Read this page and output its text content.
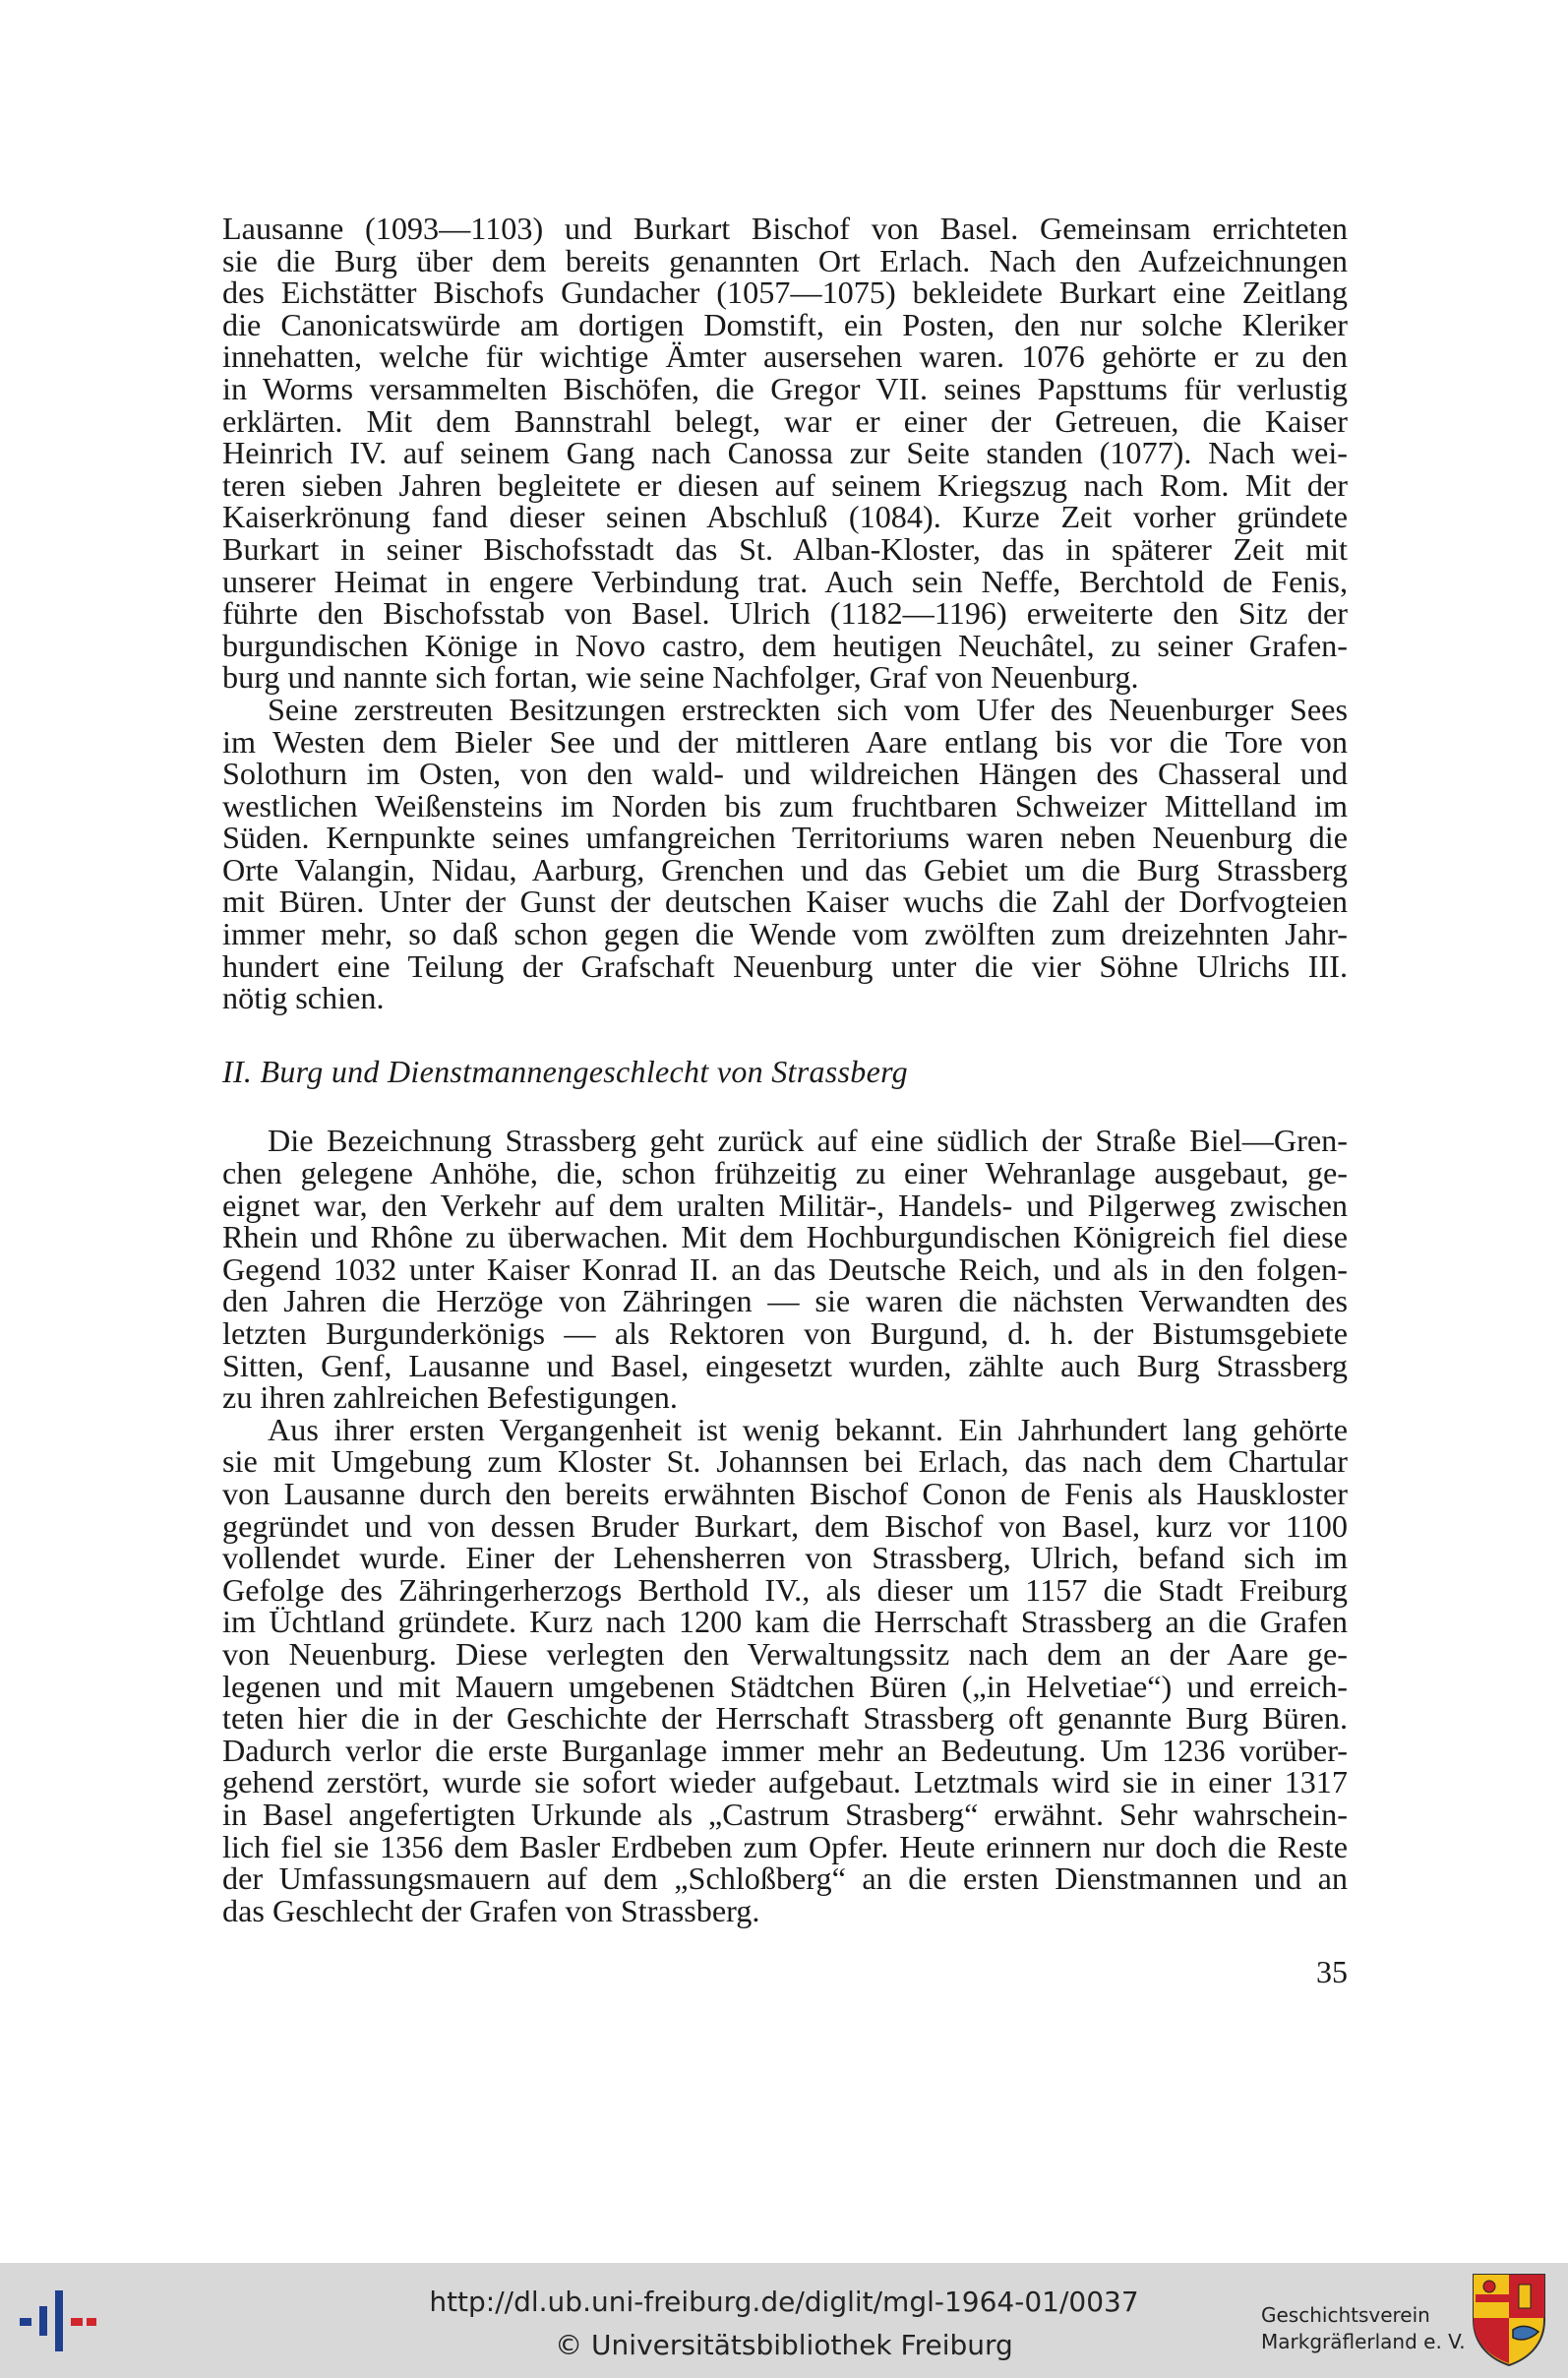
Lausanne (1093—1103) und Burkart Bischof von Basel. Gemeinsam errichteten
sie die Burg über dem bereits genannten Ort Erlach. Nach den Aufzeichnungen
des Eichstätter Bischofs Gundacher (1057—1075) bekleidete Burkart eine Zeitlang
die Canonicatswürde am dortigen Domstift, ein Posten, den nur solche Kleriker
innehatten, welche für wichtige Ämter ausersehen waren. 1076 gehörte er zu den
in Worms versammelten Bischöfen, die Gregor VII. seines Papsttums für verlustig
erklärten. Mit dem Bannstrahl belegt, war er einer der Getreuen, die Kaiser
Heinrich IV. auf seinem Gang nach Canossa zur Seite standen (1077). Nach wei-
teren sieben Jahren begleitete er diesen auf seinem Kriegszug nach Rom. Mit der
Kaiserkrönung fand dieser seinen Abschluß (1084). Kurze Zeit vorher gründete
Burkart in seiner Bischofsstadt das St. Alban-Kloster, das in späterer Zeit mit
unserer Heimat in engere Verbindung trat. Auch sein Neffe, Berchtold de Fenis,
führte den Bischofsstab von Basel. Ulrich (1182—1196) erweiterte den Sitz der
burgundischen Könige in Novo castro, dem heutigen Neuchâtel, zu seiner Grafen-
burg und nannte sich fortan, wie seine Nachfolger, Graf von Neuenburg.
Seine zerstreuten Besitzungen erstreckten sich vom Ufer des Neuenburger Sees
im Westen dem Bieler See und der mittleren Aare entlang bis vor die Tore von
Solothurn im Osten, von den wald- und wildreichen Hängen des Chasseral und
westlichen Weißensteins im Norden bis zum fruchtbaren Schweizer Mittelland im
Süden. Kernpunkte seines umfangreichen Territoriums waren neben Neuenburg die
Orte Valangin, Nidau, Aarburg, Grenchen und das Gebiet um die Burg Strassberg
mit Büren. Unter der Gunst der deutschen Kaiser wuchs die Zahl der Dorfvogteien
immer mehr, so daß schon gegen die Wende vom zwölften zum dreizehnten Jahr-
hundert eine Teilung der Grafschaft Neuenburg unter die vier Söhne Ulrichs III.
nötig schien.
II. Burg und Dienstmannengeschlecht von Strassberg
Die Bezeichnung Strassberg geht zurück auf eine südlich der Straße Biel—Gren-
chen gelegene Anhöhe, die, schon frühzeitig zu einer Wehranlage ausgebaut, ge-
eignet war, den Verkehr auf dem uralten Militär-, Handels- und Pilgerweg zwischen
Rhein und Rhône zu überwachen. Mit dem Hochburgundischen Königreich fiel diese
Gegend 1032 unter Kaiser Konrad II. an das Deutsche Reich, und als in den folgen-
den Jahren die Herzöge von Zähringen — sie waren die nächsten Verwandten des
letzten Burgunderkönigs — als Rektoren von Burgund, d. h. der Bistumsgebiete
Sitten, Genf, Lausanne und Basel, eingesetzt wurden, zählte auch Burg Strassberg
zu ihren zahlreichen Befestigungen.
Aus ihrer ersten Vergangenheit ist wenig bekannt. Ein Jahrhundert lang gehörte
sie mit Umgebung zum Kloster St. Johannsen bei Erlach, das nach dem Chartular
von Lausanne durch den bereits erwähnten Bischof Conon de Fenis als Hauskloster
gegründet und von dessen Bruder Burkart, dem Bischof von Basel, kurz vor 1100
vollendet wurde. Einer der Lehensherren von Strassberg, Ulrich, befand sich im
Gefolge des Zähringerherzogs Berthold IV., als dieser um 1157 die Stadt Freiburg
im Üchtland gründete. Kurz nach 1200 kam die Herrschaft Strassberg an die Grafen
von Neuenburg. Diese verlegten den Verwaltungssitz nach dem an der Aare ge-
legenen und mit Mauern umgebenen Städtchen Büren („in Helvetiae“) und erreich-
teten hier die in der Geschichte der Herrschaft Strassberg oft genannte Burg Büren.
Dadurch verlor die erste Burganlage immer mehr an Bedeutung. Um 1236 vorüber-
gehend zerstört, wurde sie sofort wieder aufgebaut. Letztmals wird sie in einer 1317
in Basel angefertigten Urkunde als „Castrum Strasberg“ erwähnt. Sehr wahrschein-
lich fiel sie 1356 dem Basler Erdbeben zum Opfer. Heute erinnern nur doch die Reste
der Umfassungsmauern auf dem „Schloßberg“ an die ersten Dienstmannen und an
das Geschlecht der Grafen von Strassberg.
35
http://dl.ub.uni-freiburg.de/diglit/mgl-1964-01/0037
© Universitätsbibliothek Freiburg
Geschichtsverein
Markgräflerland e. V.
